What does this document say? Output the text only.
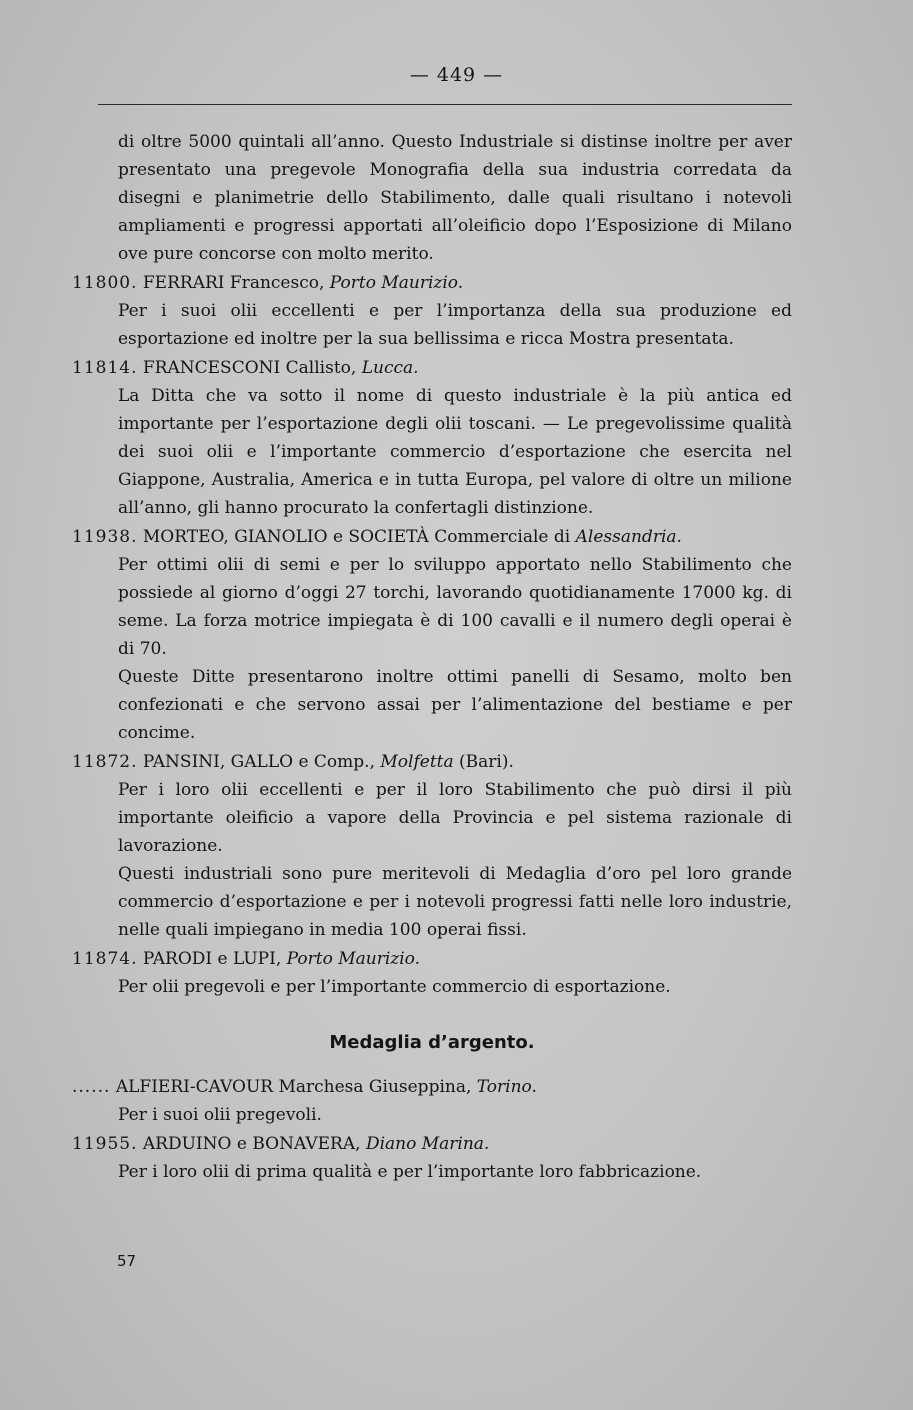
— 449 —

di oltre 5000 quintali all’anno. Questo Industriale si distinse inoltre per aver presentato una pregevole Monografia della sua industria corredata da disegni e planimetrie dello Stabilimento, dalle quali risultano i notevoli ampliamenti e progressi apportati all’oleificio dopo l’Esposizione di Milano ove pure concorse con molto merito.

11800. FERRARI Francesco, Porto Maurizio.

Per i suoi olii eccellenti e per l’importanza della sua produzione ed esportazione ed inoltre per la sua bellissima e ricca Mostra presentata.

11814. FRANCESCONI Callisto, Lucca.

La Ditta che va sotto il nome di questo industriale è la più antica ed importante per l’esportazione degli olii toscani. — Le pregevolissime qualità dei suoi olii e l’importante commercio d’esportazione che esercita nel Giappone, Australia, America e in tutta Europa, pel valore di oltre un milione all’anno, gli hanno procurato la confertagli distinzione.

11938. MORTEO, GIANOLIO e SOCIETÀ Commerciale di Alessandria.

Per ottimi olii di semi e per lo sviluppo apportato nello Stabilimento che possiede al giorno d’oggi 27 torchi, lavorando quotidianamente 17000 kg. di seme. La forza motrice impiegata è di 100 cavalli e il numero degli operai è di 70.

Queste Ditte presentarono inoltre ottimi panelli di Sesamo, molto ben confezionati e che servono assai per l’alimentazione del bestiame e per concime.

11872. PANSINI, GALLO e Comp., Molfetta (Bari).

Per i loro olii eccellenti e per il loro Stabilimento che può dirsi il più importante oleificio a vapore della Provincia e pel sistema razionale di lavorazione.

Questi industriali sono pure meritevoli di Medaglia d’oro pel loro grande commercio d’esportazione e per i notevoli progressi fatti nelle loro industrie, nelle quali impiegano in media 100 operai fissi.

11874. PARODI e LUPI, Porto Maurizio.

Per olii pregevoli e per l’importante commercio di esportazione.

Medaglia d’argento.

...... ALFIERI-CAVOUR Marchesa Giuseppina, Torino.

Per i suoi olii pregevoli.

11955. ARDUINO e BONAVERA, Diano Marina.

Per i loro olii di prima qualità e per l’importante loro fabbricazione.

57
